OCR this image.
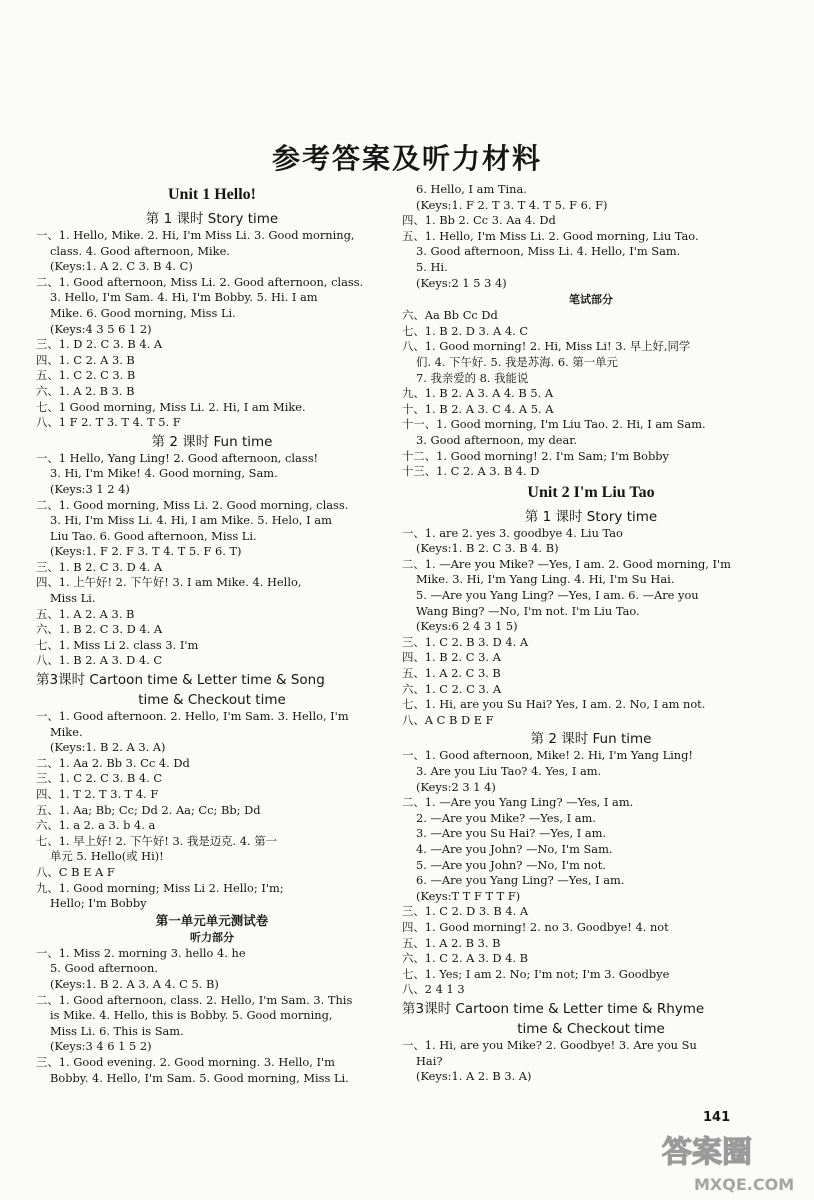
参考答案及听力材料
Unit 1 Hello!
第 1 课时 Story time
一、1. Hello, Mike. 2. Hi, I'm Miss Li. 3. Good morning,
class. 4. Good afternoon, Mike.
(Keys:1. A 2. C 3. B 4. C)
二、1. Good afternoon, Miss Li. 2. Good afternoon, class.
3. Hello, I'm Sam. 4. Hi, I'm Bobby. 5. Hi. I am
Mike. 6. Good morning, Miss Li.
(Keys:4 3 5 6 1 2)
三、1. D 2. C 3. B 4. A
四、1. C 2. A 3. B
五、1. C 2. C 3. B
六、1. A 2. B 3. B
七、1 Good morning, Miss Li. 2. Hi, I am Mike.
八、1 F 2. T 3. T 4. T 5. F
第 2 课时 Fun time
一、1 Hello, Yang Ling! 2. Good afternoon, class!
3. Hi, I'm Mike! 4. Good morning, Sam.
(Keys:3 1 2 4)
二、1. Good morning, Miss Li. 2. Good morning, class.
3. Hi, I'm Miss Li. 4. Hi, I am Mike. 5. Helo, I am
Liu Tao. 6. Good afternoon, Miss Li.
(Keys:1. F 2. F 3. T 4. T 5. F 6. T)
三、1. B 2. C 3. D 4. A
四、1. 上午好! 2. 下午好! 3. I am Mike. 4. Hello,
Miss Li.
五、1. A 2. A 3. B
六、1. B 2. C 3. D 4. A
七、1. Miss Li 2. class 3. I'm
八、1. B 2. A 3. D 4. C
第3课时 Cartoon time & Letter time & Song
time & Checkout time
一、1. Good afternoon. 2. Hello, I'm Sam. 3. Hello, I'm
Mike.
(Keys:1. B 2. A 3. A)
二、1. Aa 2. Bb 3. Cc 4. Dd
三、1. C 2. C 3. B 4. C
四、1. T 2. T 3. T 4. F
五、1. Aa; Bb; Cc; Dd 2. Aa; Cc; Bb; Dd
六、1. a 2. a 3. b 4. a
七、1. 早上好! 2. 下午好! 3. 我是迈克. 4. 第一
单元 5. Hello(或 Hi)!
八、C B E A F
九、1. Good morning; Miss Li 2. Hello; I'm;
Hello; I'm Bobby
第一单元单元测试卷
听力部分
一、1. Miss 2. morning 3. hello 4. he
5. Good afternoon.
(Keys:1. B 2. A 3. A 4. C 5. B)
二、1. Good afternoon, class. 2. Hello, I'm Sam. 3. This
is Mike. 4. Hello, this is Bobby. 5. Good morning,
Miss Li. 6. This is Sam.
(Keys:3 4 6 1 5 2)
三、1. Good evening. 2. Good morning. 3. Hello, I'm
Bobby. 4. Hello, I'm Sam. 5. Good morning, Miss Li.
6. Hello, I am Tina.
(Keys:1. F 2. T 3. T 4. T 5. F 6. F)
四、1. Bb 2. Cc 3. Aa 4. Dd
五、1. Hello, I'm Miss Li. 2. Good morning, Liu Tao.
3. Good afternoon, Miss Li. 4. Hello, I'm Sam.
5. Hi.
(Keys:2 1 5 3 4)
笔试部分
六、Aa Bb Cc Dd
七、1. B 2. D 3. A 4. C
八、1. Good morning! 2. Hi, Miss Li! 3. 早上好,同学
们. 4. 下午好. 5. 我是苏海. 6. 第一单元
7. 我亲爱的 8. 我能说
九、1. B 2. A 3. A 4. B 5. A
十、1. B 2. A 3. C 4. A 5. A
十一、1. Good morning, I'm Liu Tao. 2. Hi, I am Sam.
3. Good afternoon, my dear.
十二、1. Good morning! 2. I'm Sam; I'm Bobby
十三、1. C 2. A 3. B 4. D
Unit 2 I'm Liu Tao
第 1 课时 Story time
一、1. are 2. yes 3. goodbye 4. Liu Tao
(Keys:1. B 2. C 3. B 4. B)
二、1. —Are you Mike? —Yes, I am. 2. Good morning, I'm
Mike. 3. Hi, I'm Yang Ling. 4. Hi, I'm Su Hai.
5. —Are you Yang Ling? —Yes, I am. 6. —Are you
Wang Bing? —No, I'm not. I'm Liu Tao.
(Keys:6 2 4 3 1 5)
三、1. C 2. B 3. D 4. A
四、1. B 2. C 3. A
五、1. A 2. C 3. B
六、1. C 2. C 3. A
七、1. Hi, are you Su Hai? Yes, I am. 2. No, I am not.
八、A C B D E F
第 2 课时 Fun time
一、1. Good afternoon, Mike! 2. Hi, I'm Yang Ling!
3. Are you Liu Tao? 4. Yes, I am.
(Keys:2 3 1 4)
二、1. —Are you Yang Ling? —Yes, I am.
2. —Are you Mike? —Yes, I am.
3. —Are you Su Hai? —Yes, I am.
4. —Are you John? —No, I'm Sam.
5. —Are you John? —No, I'm not.
6. —Are you Yang Ling? —Yes, I am.
(Keys:T T F T T F)
三、1. C 2. D 3. B 4. A
四、1. Good morning! 2. no 3. Goodbye! 4. not
五、1. A 2. B 3. B
六、1. C 2. A 3. D 4. B
七、1. Yes; I am 2. No; I'm not; I'm 3. Goodbye
八、2 4 1 3
第3课时 Cartoon time & Letter time & Rhyme
time & Checkout time
一、1. Hi, are you Mike? 2. Goodbye! 3. Are you Su
Hai?
(Keys:1. A 2. B 3. A)
141
答案圈
MXQE.COM
